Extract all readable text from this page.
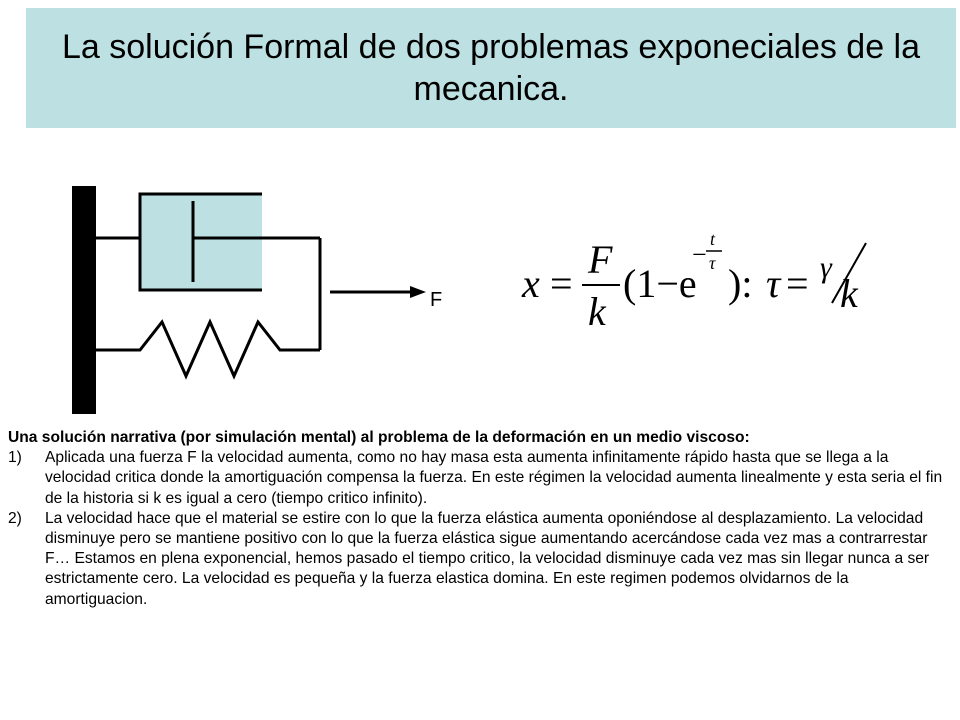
La solución Formal de dos problemas exponeciales de la mecanica.
F x =
F
k
(1−e
−
t
τ ): τ = γ
k

Una solución narrativa (por simulación mental) al problema de la deformación en un medio viscoso:

1)	Aplicada una fuerza F la velocidad aumenta, como no hay masa esta aumenta infinitamente rápido hasta que se llega a la velocidad critica donde la amortiguación compensa la fuerza. En este régimen la velocidad aumenta linealmente y esta seria el fin de la historia si k es igual a cero (tiempo critico infinito).
2)	La velocidad hace que el material se estire con lo que la fuerza elástica aumenta oponiéndose al desplazamiento. La velocidad disminuye pero se mantiene positivo con lo que la fuerza elástica sigue aumentando acercándose cada vez mas a contrarrestar F… Estamos en plena exponencial, hemos pasado el tiempo critico, la velocidad disminuye cada vez mas sin llegar nunca a ser estrictamente cero. La velocidad es pequeña y la fuerza elastica domina. En este regimen podemos olvidarnos de la amortiguacion.
